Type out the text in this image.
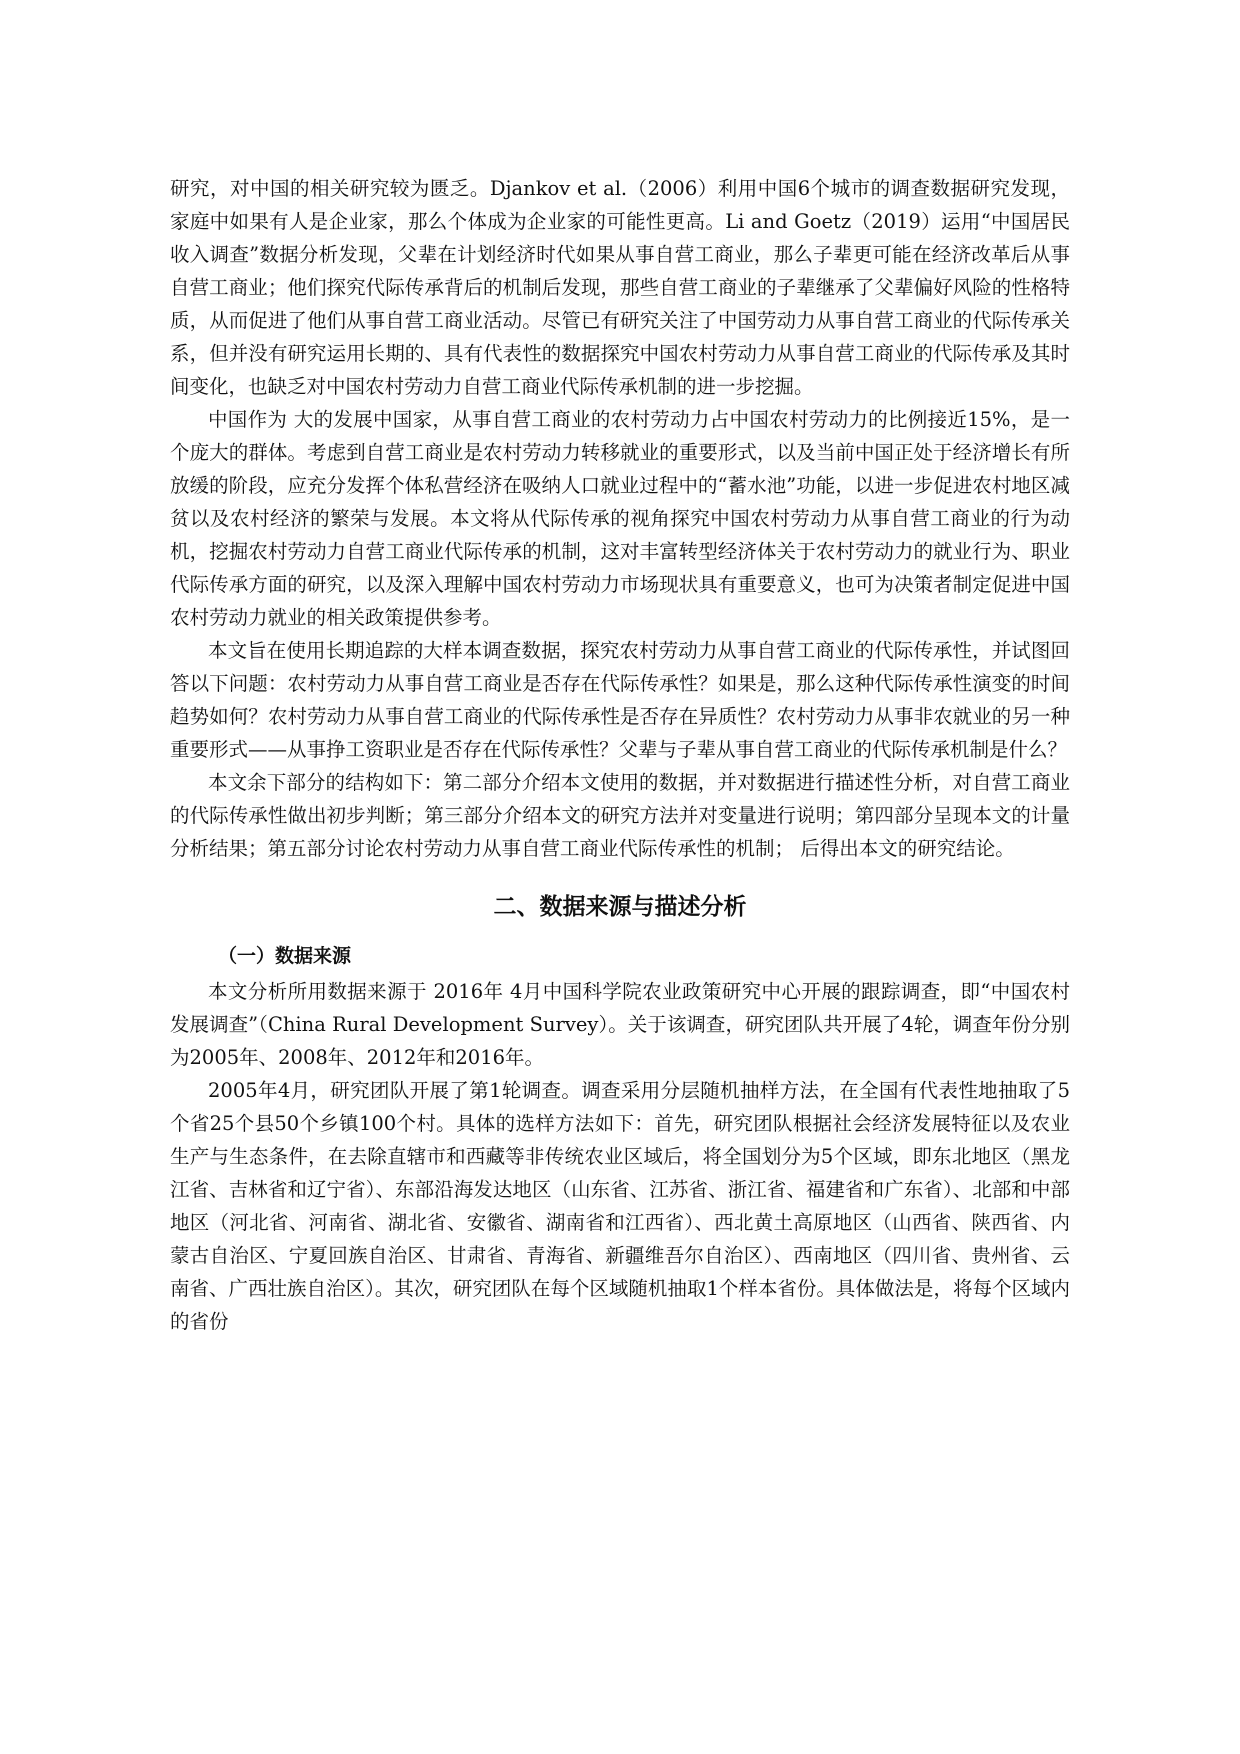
研究，对中国的相关研究较为匮乏。Djankov et al.（2006）利用中国6个城市的调查数据研究发现，家庭中如果有人是企业家，那么个体成为企业家的可能性更高。Li and Goetz（2019）运用“中国居民收入调查”数据分析发现，父辈在计划经济时代如果从事自营工商业，那么子辈更可能在经济改革后从事自营工商业；他们探究代际传承背后的机制后发现，那些自营工商业的子辈继承了父辈偏好风险的性格特质，从而促进了他们从事自营工商业活动。尽管已有研究关注了中国劳动力从事自营工商业的代际传承关系，但并没有研究运用长期的、具有代表性的数据探究中国农村劳动力从事自营工商业的代际传承及其时间变化，也缺乏对中国农村劳动力自营工商业代际传承机制的进一步挖掘。

中国作为 大的发展中国家，从事自营工商业的农村劳动力占中国农村劳动力的比例接近15%，是一个庞大的群体。考虑到自营工商业是农村劳动力转移就业的重要形式，以及当前中国正处于经济增长有所放缓的阶段，应充分发挥个体私营经济在吸纳人口就业过程中的“蓄水池”功能，以进一步促进农村地区减贫以及农村经济的繁荣与发展。本文将从代际传承的视角探究中国农村劳动力从事自营工商业的行为动机，挖掘农村劳动力自营工商业代际传承的机制，这对丰富转型经济体关于农村劳动力的就业行为、职业代际传承方面的研究，以及深入理解中国农村劳动力市场现状具有重要意义，也可为决策者制定促进中国农村劳动力就业的相关政策提供参考。

本文旨在使用长期追踪的大样本调查数据，探究农村劳动力从事自营工商业的代际传承性，并试图回答以下问题：农村劳动力从事自营工商业是否存在代际传承性？如果是，那么这种代际传承性演变的时间趋势如何？农村劳动力从事自营工商业的代际传承性是否存在异质性？农村劳动力从事非农就业的另一种重要形式——从事挣工资职业是否存在代际传承性？父辈与子辈从事自营工商业的代际传承机制是什么？

本文余下部分的结构如下：第二部分介绍本文使用的数据，并对数据进行描述性分析，对自营工商业的代际传承性做出初步判断；第三部分介绍本文的研究方法并对变量进行说明；第四部分呈现本文的计量分析结果；第五部分讨论农村劳动力从事自营工商业代际传承性的机制； 后得出本文的研究结论。

二、数据来源与描述分析
（一）数据来源

本文分析所用数据来源于 2016年 4月中国科学院农业政策研究中心开展的跟踪调查，即“中国农村发展调查”（China Rural Development Survey）。关于该调查，研究团队共开展了4轮，调查年份分别为2005年、2008年、2012年和2016年。

2005年4月，研究团队开展了第1轮调查。调查采用分层随机抽样方法，在全国有代表性地抽取了5个省25个县50个乡镇100个村。具体的选样方法如下：首先，研究团队根据社会经济发展特征以及农业生产与生态条件，在去除直辖市和西藏等非传统农业区域后，将全国划分为5个区域，即东北地区（黑龙江省、吉林省和辽宁省）、东部沿海发达地区（山东省、江苏省、浙江省、福建省和广东省）、北部和中部地区（河北省、河南省、湖北省、安徽省、湖南省和江西省）、西北黄土高原地区（山西省、陕西省、内蒙古自治区、宁夏回族自治区、甘肃省、青海省、新疆维吾尔自治区）、西南地区（四川省、贵州省、云南省、广西壮族自治区）。其次，研究团队在每个区域随机抽取1个样本省份。具体做法是，将每个区域内的省份
